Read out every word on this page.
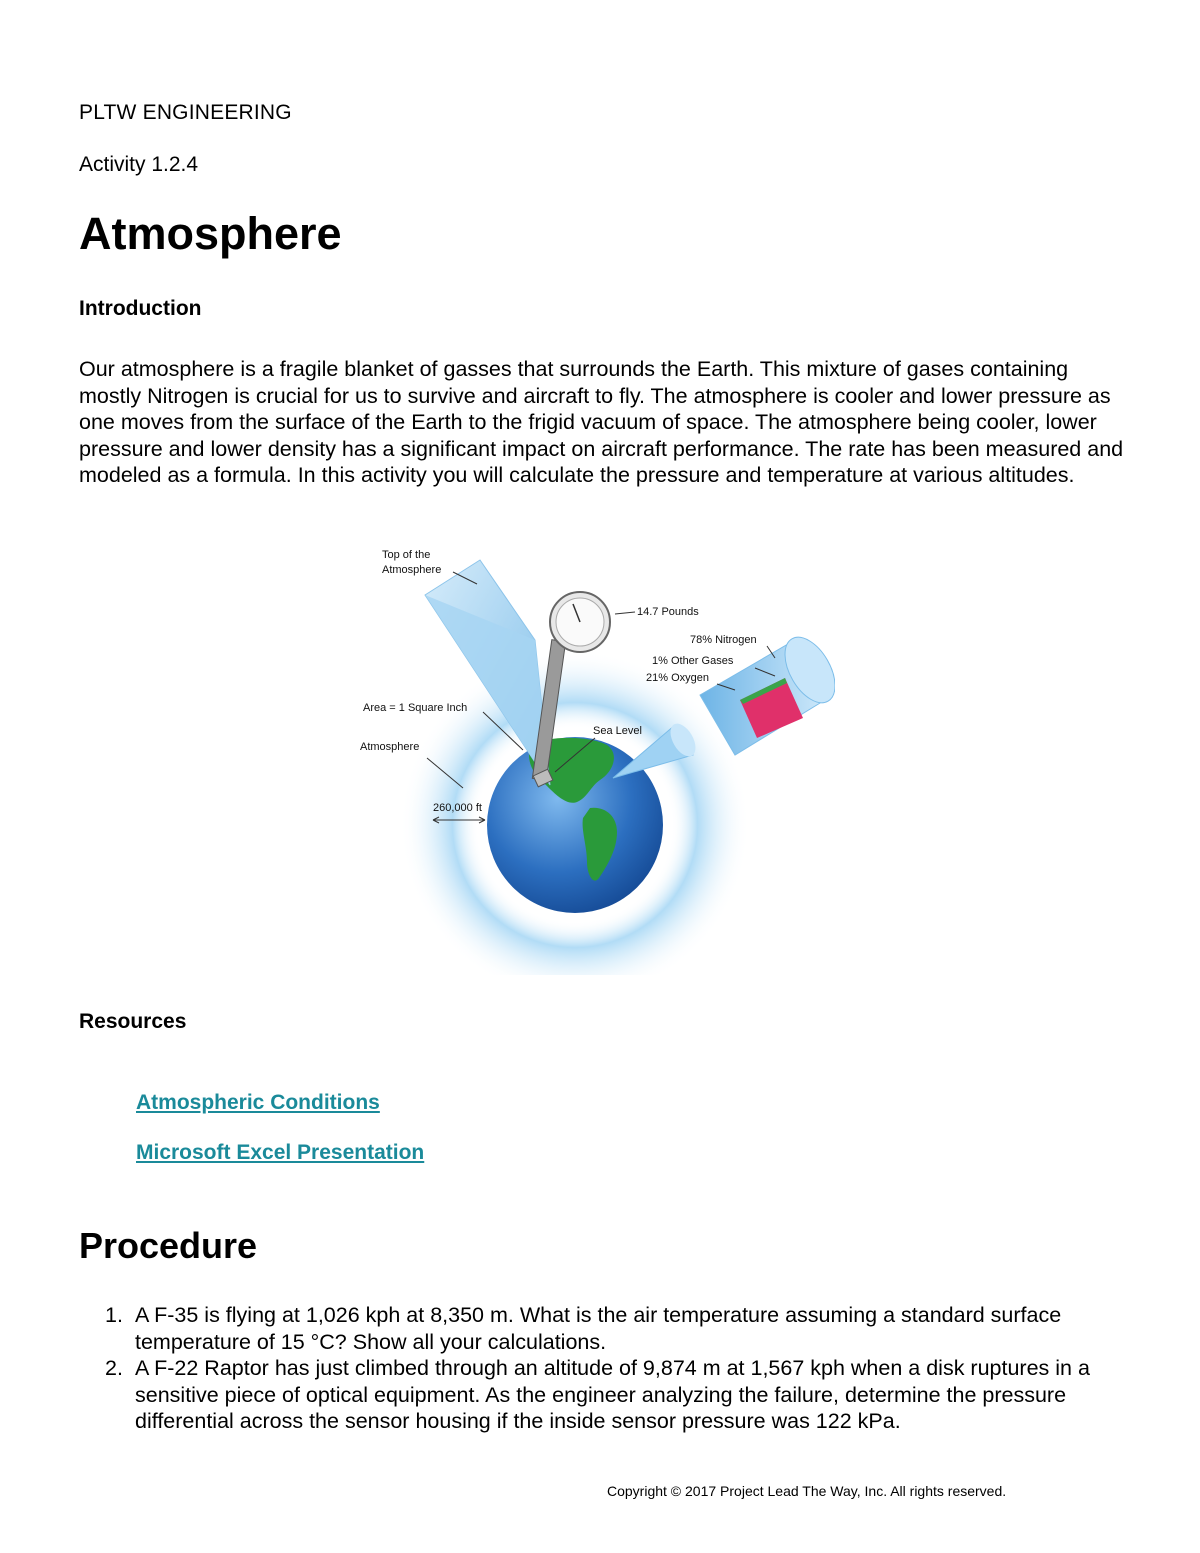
PLTW ENGINEERING
Activity 1.2.4
Atmosphere
Introduction

Our atmosphere is a fragile blanket of gasses that surrounds the Earth. This mixture of gases containing mostly Nitrogen is crucial for us to survive and aircraft to fly. The atmosphere is cooler and lower pressure as one moves from the surface of the Earth to the frigid vacuum of space. The atmosphere being cooler, lower pressure and lower density has a significant impact on aircraft performance. The rate has been measured and modeled as a formula. In this activity you will calculate the pressure and temperature at various altitudes.

Top of the
Atmosphere
14.7 Pounds
78% Nitrogen
1% Other Gases
21% Oxygen
Area = 1 Square Inch
Sea Level
Atmosphere
260,000 ft
Resources
Atmospheric Conditions
Microsoft Excel Presentation
Procedure
1. A F-35 is flying at 1,026 kph at 8,350 m. What is the air temperature assuming a standard surface temperature of 15 °C? Show all your calculations.
2. A F-22 Raptor has just climbed through an altitude of 9,874 m at 1,567 kph when a disk ruptures in a sensitive piece of optical equipment. As the engineer analyzing the failure, determine the pressure differential across the sensor housing if the inside sensor pressure was 122 kPa.
Copyright © 2017 Project Lead The Way, Inc. All rights reserved.
